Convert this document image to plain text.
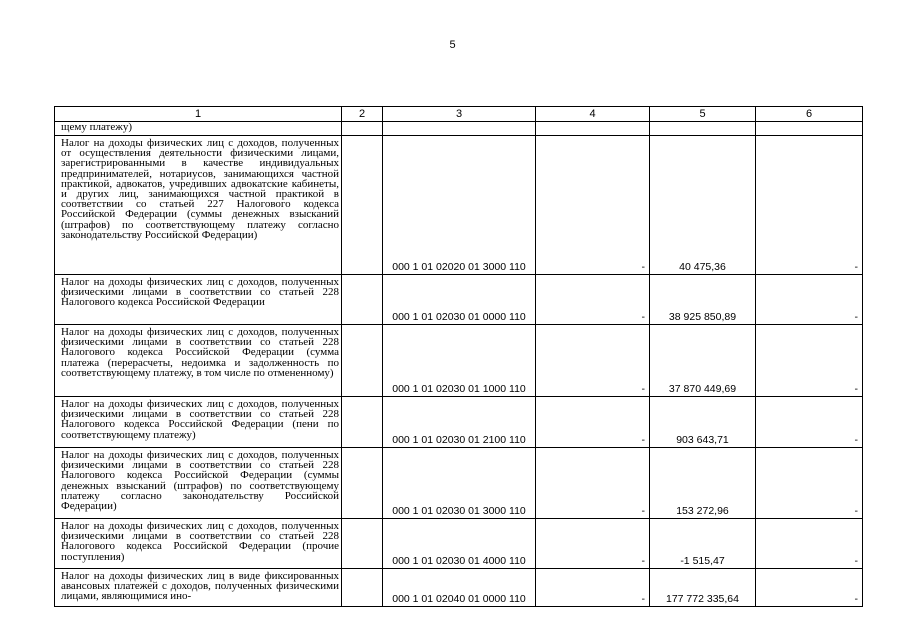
5
1	2	3	4	5	6
щему платежу)					
Налог на доходы физических лиц с доходов, полученных от осуществления деятельности физическими лицами, зарегистрированными в качестве индивидуальных предпринимателей, нотариусов, занимающихся частной практикой, адвокатов, учредивших адвокатские кабинеты, и других лиц, занимающихся частной практикой в соответствии со статьей 227 Налогового кодекса Российской Федерации (суммы денежных взысканий (штрафов) по соответствующему платежу согласно законодательству Российской Федерации)		000 1 01 02020 01 3000 110	-	40 475,36	-
Налог на доходы физических лиц с доходов, полученных физическими лицами в соответствии со статьей 228 Налогового кодекса Российской Федерации		000 1 01 02030 01 0000 110	-	38 925 850,89	-
Налог на доходы физических лиц с доходов, полученных физическими лицами в соответствии со статьей 228 Налогового кодекса Российской Федерации (сумма платежа (перерасчеты, недоимка и задолженность по соответствующему платежу, в том числе по отмененному)		000 1 01 02030 01 1000 110	-	37 870 449,69	-
Налог на доходы физических лиц с доходов, полученных физическими лицами в соответствии со статьей 228 Налогового кодекса Российской Федерации (пени по соответствующему платежу)		000 1 01 02030 01 2100 110	-	903 643,71	-
Налог на доходы физических лиц с доходов, полученных физическими лицами в соответствии со статьей 228 Налогового кодекса Российской Федерации (суммы денежных взысканий (штрафов) по соответствующему платежу согласно законодательству Российской Федерации)		000 1 01 02030 01 3000 110	-	153 272,96	-
Налог на доходы физических лиц с доходов, полученных физическими лицами в соответствии со статьей 228 Налогового кодекса Российской Федерации (прочие поступления)		000 1 01 02030 01 4000 110	-	-1 515,47	-
Налог на доходы физических лиц в виде фиксированных авансовых платежей с доходов, полученных физическими лицами, являющимися ино-		000 1 01 02040 01 0000 110	-	177 772 335,64	-
